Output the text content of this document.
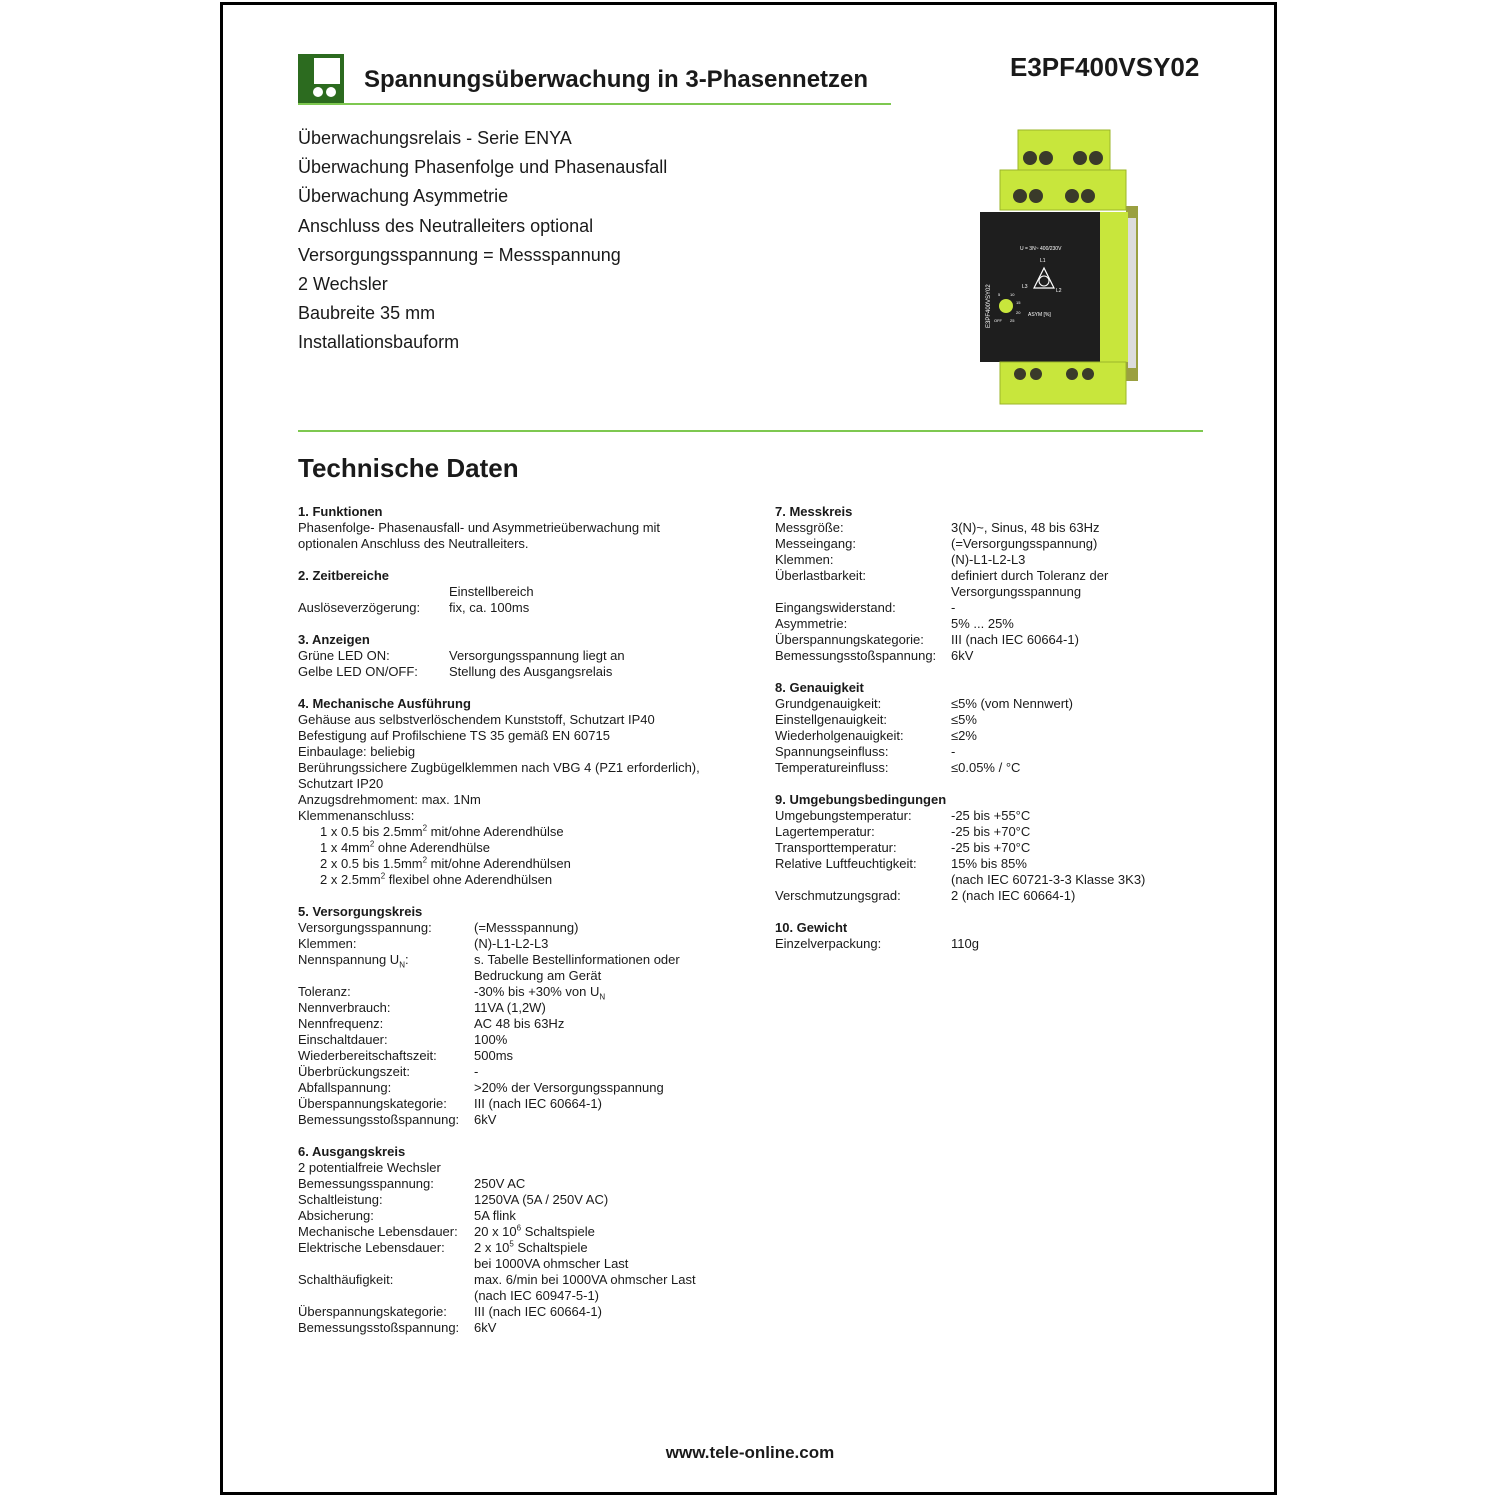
Spannungsüberwachung in 3-Phasennetzen	E3PF400VSY02
Überwachungsrelais - Serie ENYA
Überwachung Phasenfolge und Phasenausfall
Überwachung Asymmetrie
Anschluss des Neutralleiters optional
Versorgungsspannung = Messspannung
2 Wechsler
Baubreite 35 mm
Installationsbauform
E3PF400VSY02
U = 3N~ 400/230V
ASYM [%]
L1
L2
L3
5 10
15
20
25
OFF
Technische Daten
1. Funktionen
Phasenfolge- Phasenausfall- und Asymmetrieüberwachung mit
optionalen Anschluss des Neutralleiters.
2. Zeitbereiche
Einstellbereich
Auslöseverzögerung:	fix, ca. 100ms
3. Anzeigen
Grüne LED ON:	Versorgungsspannung liegt an
Gelbe LED ON/OFF:	Stellung des Ausgangsrelais
4. Mechanische Ausführung
Gehäuse aus selbstverlöschendem Kunststoff, Schutzart IP40
Befestigung auf Profilschiene TS 35 gemäß EN 60715
Einbaulage: beliebig
Berührungssichere Zugbügelklemmen nach VBG 4 (PZ1 erforderlich),
Schutzart IP20
Anzugsdrehmoment: max. 1Nm
Klemmenanschluss:
1 x 0.5 bis $2.5mm^2$ mit/ohne Aderendhülse
1 x $4mm^2$ ohne Aderendhülse
2 x 0.5 bis $1.5mm^2$ mit/ohne Aderendhülsen
2 x $2.5mm^2$ flexibel ohne Aderendhülsen
5. Versorgungskreis
Versorgungsspannung:	(=Messspannung)
Klemmen:	(N)-L1-L2-L3
Nennspannung $U_N$:	s. Tabelle Bestellinformationen oder
Bedruckung am Gerät
Toleranz:	-30% bis +30% von $U_N$
Nennverbrauch:	11VA (1,2W)
Nennfrequenz:	AC 48 bis 63Hz
Einschaltdauer:	100%
Wiederbereitschaftszeit:	500ms
Überbrückungszeit:	-
Abfallspannung:	>20% der Versorgungsspannung
Überspannungskategorie:	III (nach IEC 60664-1)
Bemessungsstoßspannung:	6kV
6. Ausgangskreis
2 potentialfreie Wechsler
Bemessungsspannung:	250V AC
Schaltleistung:	1250VA (5A / 250V AC)
Absicherung:	5A flink
Mechanische Lebensdauer:	20 x $10^6$ Schaltspiele
Elektrische Lebensdauer:	2 x $10^5$ Schaltspiele
bei 1000VA ohmscher Last
Schalthäufigkeit:	max. 6/min bei 1000VA ohmscher Last
(nach IEC 60947-5-1)
Überspannungskategorie:	III (nach IEC 60664-1)
Bemessungsstoßspannung:	6kV
7. Messkreis
Messgröße:	3(N)~, Sinus, 48 bis 63Hz
Messeingang:	(=Versorgungsspannung)
Klemmen:	(N)-L1-L2-L3
Überlastbarkeit:	definiert durch Toleranz der
Versorgungsspannung
Eingangswiderstand:	-
Asymmetrie:	5% ... 25%
Überspannungskategorie:	III (nach IEC 60664-1)
Bemessungsstoßspannung:	6kV
8. Genauigkeit
Grundgenauigkeit:	≤5% (vom Nennwert)
Einstellgenauigkeit:	≤5%
Wiederholgenauigkeit:	≤2%
Spannungseinfluss:	-
Temperatureinfluss:	≤0.05% / °C
9. Umgebungsbedingungen
Umgebungstemperatur:	-25 bis +55°C
Lagertemperatur:	-25 bis +70°C
Transporttemperatur:	-25 bis +70°C
Relative Luftfeuchtigkeit:	15% bis 85%
(nach IEC 60721-3-3 Klasse 3K3)
Verschmutzungsgrad:	2 (nach IEC 60664-1)
10. Gewicht
Einzelverpackung:	110g
www.tele-online.com
